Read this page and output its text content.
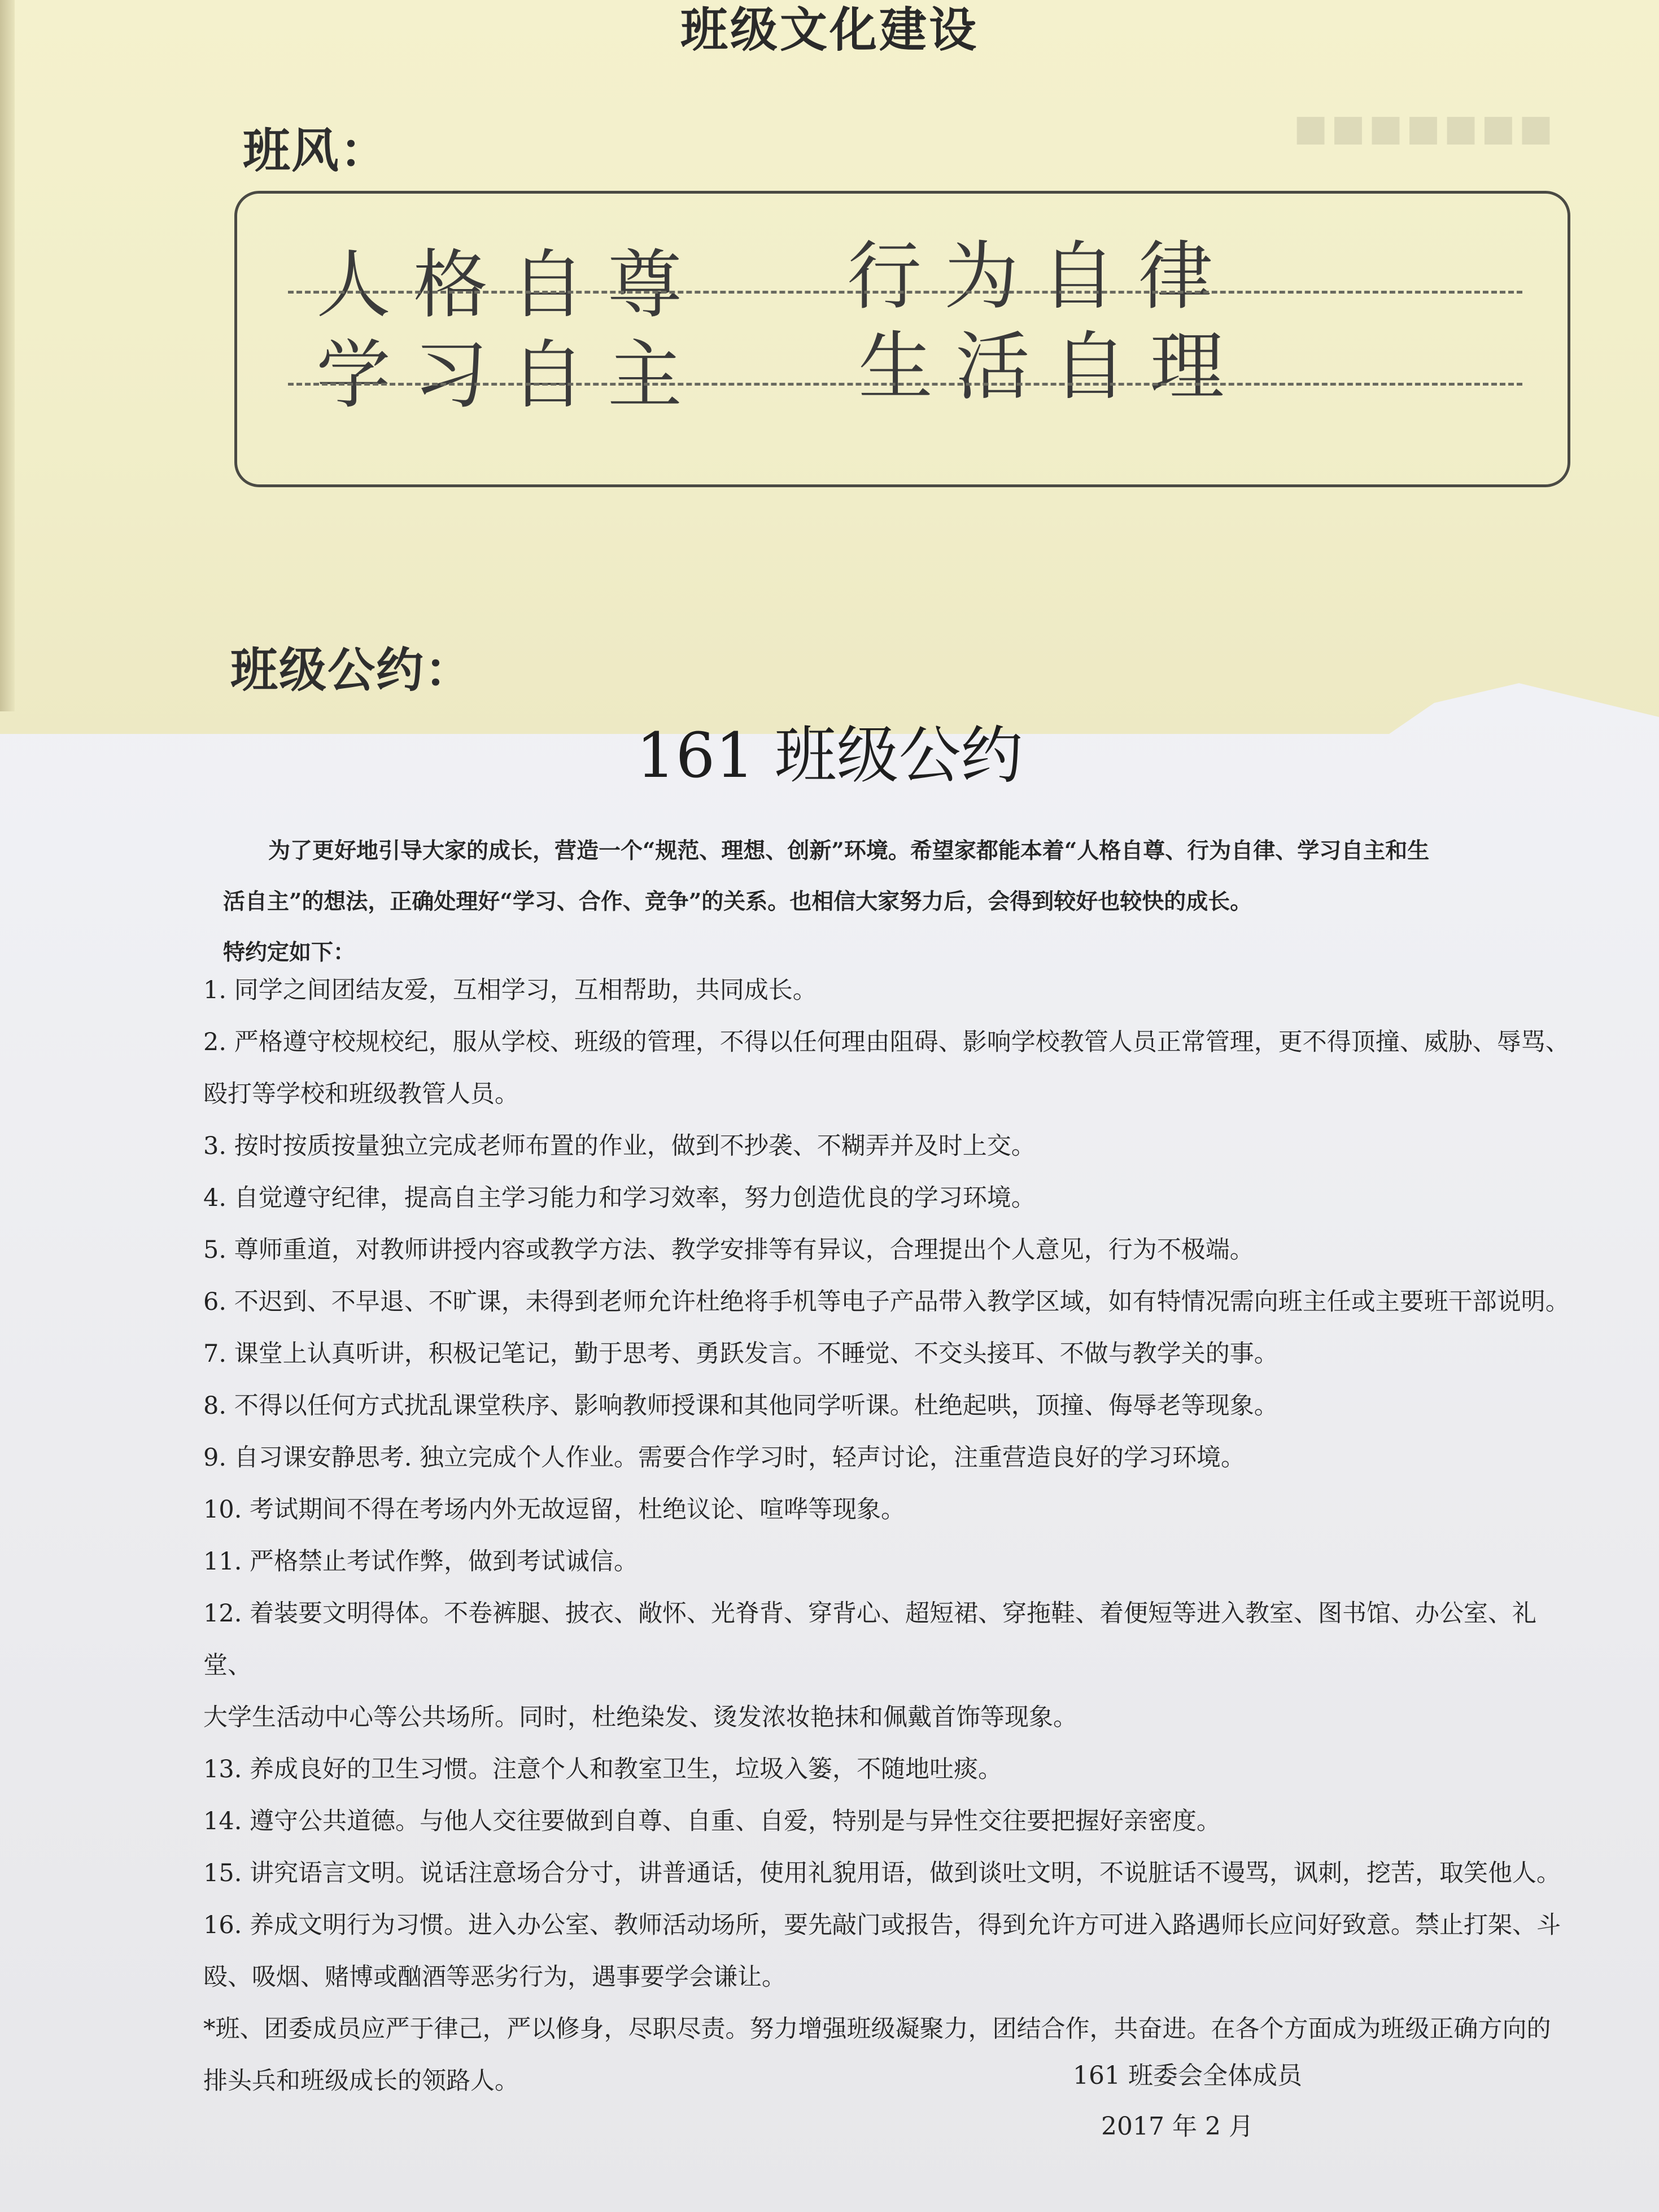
■■■■■■■
班级文化建设
班风：
人格自尊 行为自律
学习自主 生活自理
班级公约：
161 班级公约

为了更好地引导大家的成长，营造一个“规范、理想、创新”环境。希望家都能本着“人格自尊、行为自律、学习自主和生

活自主”的想法，正确处理好“学习、合作、竞争”的关系。也相信大家努力后，会得到较好也较快的成长。

特约定如下：

1. 同学之间团结友爱，互相学习，互相帮助，共同成长。

2. 严格遵守校规校纪，服从学校、班级的管理，不得以任何理由阻碍、影响学校教管人员正常管理，更不得顶撞、威胁、辱骂、

殴打等学校和班级教管人员。

3. 按时按质按量独立完成老师布置的作业，做到不抄袭、不糊弄并及时上交。

4. 自觉遵守纪律，提高自主学习能力和学习效率，努力创造优良的学习环境。

5. 尊师重道，对教师讲授内容或教学方法、教学安排等有异议，合理提出个人意见，行为不极端。

6. 不迟到、不早退、不旷课，未得到老师允许杜绝将手机等电子产品带入教学区域，如有特情况需向班主任或主要班干部说明。

7. 课堂上认真听讲，积极记笔记，勤于思考、勇跃发言。不睡觉、不交头接耳、不做与教学关的事。

8. 不得以任何方式扰乱课堂秩序、影响教师授课和其他同学听课。杜绝起哄，顶撞、侮辱老等现象。

9. 自习课安静思考. 独立完成个人作业。需要合作学习时，轻声讨论，注重营造良好的学习环境。

10. 考试期间不得在考场内外无故逗留，杜绝议论、喧哗等现象。

11. 严格禁止考试作弊，做到考试诚信。

12. 着装要文明得体。不卷裤腿、披衣、敞怀、光脊背、穿背心、超短裙、穿拖鞋、着便短等进入教室、图书馆、办公室、礼堂、

大学生活动中心等公共场所。同时，杜绝染发、烫发浓妆艳抹和佩戴首饰等现象。

13. 养成良好的卫生习惯。注意个人和教室卫生，垃圾入篓，不随地吐痰。

14. 遵守公共道德。与他人交往要做到自尊、自重、自爱，特别是与异性交往要把握好亲密度。

15. 讲究语言文明。说话注意场合分寸，讲普通话，使用礼貌用语，做到谈吐文明，不说脏话不谩骂，讽刺，挖苦，取笑他人。

16. 养成文明行为习惯。进入办公室、教师活动场所，要先敲门或报告，得到允许方可进入路遇师长应问好致意。禁止打架、斗

殴、吸烟、赌博或酗酒等恶劣行为，遇事要学会谦让。

*班、团委成员应严于律己，严以修身，尽职尽责。努力增强班级凝聚力，团结合作，共奋进。在各个方面成为班级正确方向的

排头兵和班级成长的领路人。	161 班委会全体成员
2017 年 2 月
